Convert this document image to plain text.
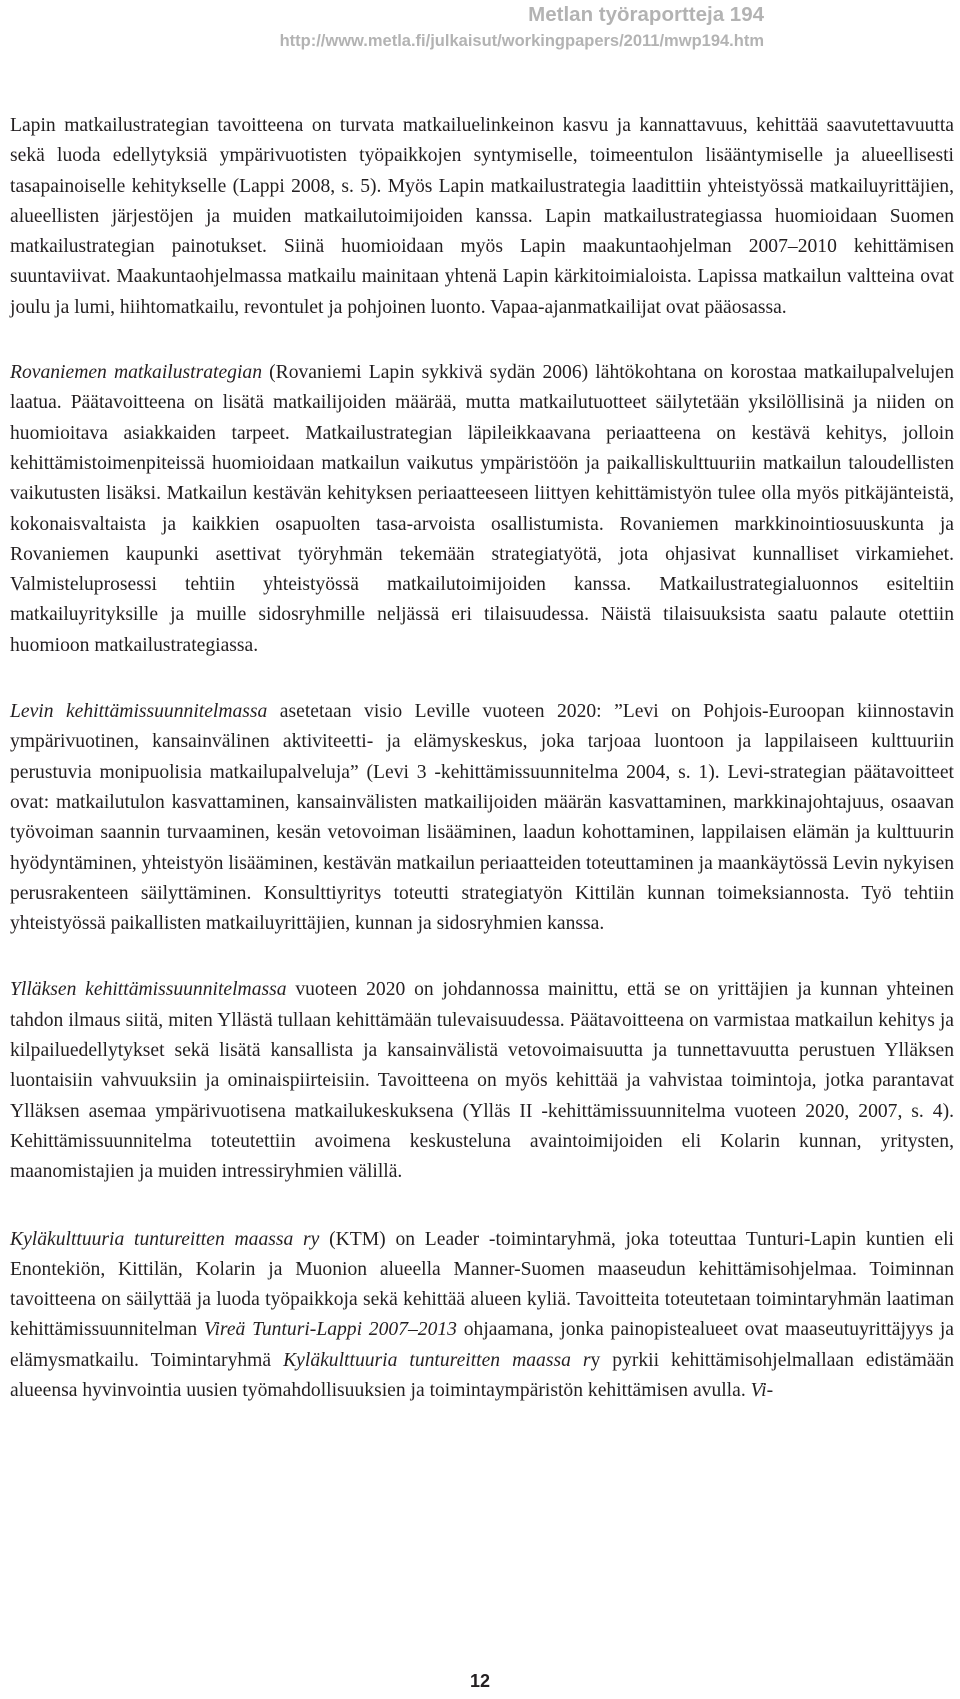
Metlan työraportteja 194
http://www.metla.fi/julkaisut/workingpapers/2011/mwp194.htm

Lapin matkailustrategian tavoitteena on turvata matkailuelinkeinon kasvu ja kannattavuus, kehittää saavutettavuutta sekä luoda edellytyksiä ympärivuotisten työpaikkojen syntymiselle, toimeentulon lisääntymiselle ja alueellisesti tasapainoiselle kehitykselle (Lappi 2008, s. 5). Myös Lapin matkailustrategia laadittiin yhteistyössä matkailuyrittäjien, alueellisten järjestöjen ja muiden matkailutoimijoiden kanssa. Lapin matkailustrategiassa huomioidaan Suomen matkailustrategian painotukset. Siinä huomioidaan myös Lapin maakuntaohjelman 2007–2010 kehittämisen suuntaviivat. Maakuntaohjelmassa matkailu mainitaan yhtenä Lapin kärkitoimialoista. Lapissa matkailun valtteina ovat joulu ja lumi, hiihtomatkailu, revontulet ja pohjoinen luonto. Vapaa-ajanmatkailijat ovat pääosassa.

Rovaniemen matkailustrategian (Rovaniemi Lapin sykkivä sydän 2006) lähtökohtana on korostaa matkailupalvelujen laatua. Päätavoitteena on lisätä matkailijoiden määrää, mutta matkailutuotteet säilytetään yksilöllisinä ja niiden on huomioitava asiakkaiden tarpeet. Matkailustrategian läpileikkaavana periaatteena on kestävä kehitys, jolloin kehittämistoimenpiteissä huomioidaan matkailun vaikutus ympäristöön ja paikalliskulttuuriin matkailun taloudellisten vaikutusten lisäksi. Matkailun kestävän kehityksen periaatteeseen liittyen kehittämistyön tulee olla myös pitkäjänteistä, kokonaisvaltaista ja kaikkien osapuolten tasa-arvoista osallistumista. Rovaniemen markkinointiosuuskunta ja Rovaniemen kaupunki asettivat työryhmän tekemään strategiatyötä, jota ohjasivat kunnalliset virkamiehet. Valmisteluprosessi tehtiin yhteistyössä matkailutoimijoiden kanssa. Matkailustrategialuonnos esiteltiin matkailuyrityksille ja muille sidosryhmille neljässä eri tilaisuudessa. Näistä tilaisuuksista saatu palaute otettiin huomioon matkailustrategiassa.

Levin kehittämissuunnitelmassa asetetaan visio Leville vuoteen 2020: ”Levi on Pohjois-Euroopan kiinnostavin ympärivuotinen, kansainvälinen aktiviteetti- ja elämyskeskus, joka tarjoaa luontoon ja lappilaiseen kulttuuriin perustuvia monipuolisia matkailupalveluja” (Levi 3 -kehittämissuunnitelma 2004, s. 1). Levi-strategian päätavoitteet ovat: matkailutulon kasvattaminen, kansainvälisten matkailijoiden määrän kasvattaminen, markkinajohtajuus, osaavan työvoiman saannin turvaaminen, kesän vetovoiman lisääminen, laadun kohottaminen, lappilaisen elämän ja kulttuurin hyödyntäminen, yhteistyön lisääminen, kestävän matkailun periaatteiden toteuttaminen ja maankäytössä Levin nykyisen perusrakenteen säilyttäminen. Konsulttiyritys toteutti strategiatyön Kittilän kunnan toimeksiannosta. Työ tehtiin yhteistyössä paikallisten matkailuyrittäjien, kunnan ja sidosryhmien kanssa.

Ylläksen kehittämissuunnitelmassa vuoteen 2020 on johdannossa mainittu, että se on yrittäjien ja kunnan yhteinen tahdon ilmaus siitä, miten Yllästä tullaan kehittämään tulevaisuudessa. Päätavoitteena on varmistaa matkailun kehitys ja kilpailuedellytykset sekä lisätä kansallista ja kansainvälistä vetovoimaisuutta ja tunnettavuutta perustuen Ylläksen luontaisiin vahvuuksiin ja ominaispiirteisiin. Tavoitteena on myös kehittää ja vahvistaa toimintoja, jotka parantavat Ylläksen asemaa ympärivuotisena matkailukeskuksena (Ylläs II -kehittämissuunnitelma vuoteen 2020, 2007, s. 4). Kehittämissuunnitelma toteutettiin avoimena keskusteluna avaintoimijoiden eli Kolarin kunnan, yritysten, maanomistajien ja muiden intressiryhmien välillä.

Kyläkulttuuria tuntureitten maassa ry (KTM) on Leader -toimintaryhmä, joka toteuttaa Tunturi-Lapin kuntien eli Enontekiön, Kittilän, Kolarin ja Muonion alueella Manner-Suomen maaseudun kehittämisohjelmaa. Toiminnan tavoitteena on säilyttää ja luoda työpaikkoja sekä kehittää alueen kyliä. Tavoitteita toteutetaan toimintaryhmän laatiman kehittämissuunnitelman Vireä Tunturi-Lappi 2007–2013 ohjaamana, jonka painopistealueet ovat maaseutuyrittäjyys ja elämysmatkailu. Toimintaryhmä Kyläkulttuuria tuntureitten maassa ry pyrkii kehittämisohjelmallaan edistämään alueensa hyvinvointia uusien työmahdollisuuksien ja toimintaympäristön kehittämisen avulla. Vi-

12
